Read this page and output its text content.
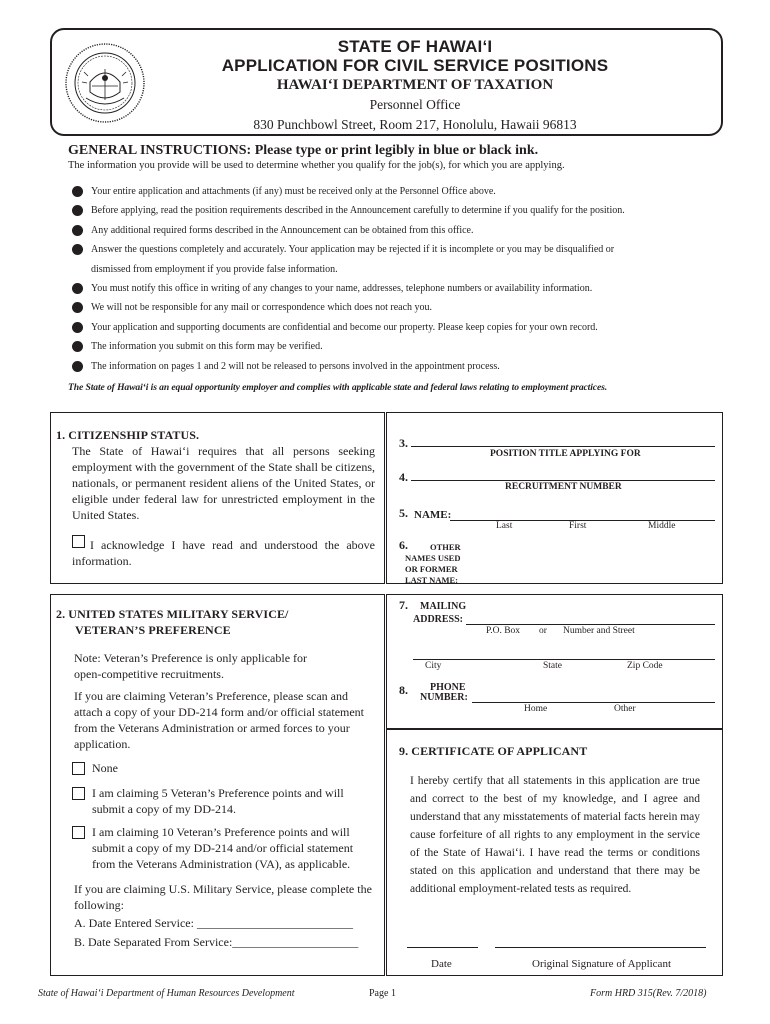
STATE OF HAWAI‘I
APPLICATION FOR CIVIL SERVICE POSITIONS
HAWAI‘I DEPARTMENT OF TAXATION
Personnel Office
830 Punchbowl Street, Room 217, Honolulu, Hawaii 96813
GENERAL INSTRUCTIONS: Please type or print legibly in blue or black ink.
The information you provide will be used to determine whether you qualify for the job(s), for which you are applying.
Your entire application and attachments (if any) must be received only at the Personnel Office above.
Before applying, read the position requirements described in the Announcement carefully to determine if you qualify for the position.
Any additional required forms described in the Announcement can be obtained from this office.
Answer the questions completely and accurately. Your application may be rejected if it is incomplete or you may be disqualified or
dismissed from employment if you provide false information.
You must notify this office in writing of any changes to your name, addresses, telephone numbers or availability information.
We will not be responsible for any mail or correspondence which does not reach you.
Your application and supporting documents are confidential and become our property. Please keep copies for your own record.
The information you submit on this form may be verified.
The information on pages 1 and 2 will not be released to persons involved in the appointment process.
The State of Hawai‘i is an equal opportunity employer and complies with applicable state and federal laws relating to employment practices.
1. CITIZENSHIP STATUS.
The State of Hawai‘i requires that all persons seeking employment with the government of the State shall be citizens, nationals, or permanent resident aliens of the United States, or eligible under federal law for unrestricted employment in the United States.
I acknowledge I have read and understood the above information.
2. UNITED STATES MILITARY SERVICE/
VETERAN’S PREFERENCE
Note: Veteran’s Preference is only applicable for open-competitive recruitments.
If you are claiming Veteran’s Preference, please scan and attach a copy of your DD-214 form and/or official statement from the Veterans Administration or armed forces to your application.
None
I am claiming 5 Veteran’s Preference points and will submit a copy of my DD-214.
I am claiming 10 Veteran’s Preference points and will submit a copy of my DD-214 and/or official statement from the Veterans Administration (VA), as applicable.
If you are claiming U.S. Military Service, please complete the following:
A. Date Entered Service: __________________________
B. Date Separated From Service:_____________________
3.
POSITION TITLE APPLYING FOR
4.
RECRUITMENT NUMBER
5. NAME:
Last	First	Middle
6.	OTHER
NAMES USED
OR FORMER
LAST NAME:
7. MAILING
ADDRESS:
P.O. Box or Number and Street
City	State	Zip Code
8. PHONE
NUMBER:
Home	Other
9. CERTIFICATE OF APPLICANT
I hereby certify that all statements in this application are true and correct to the best of my knowledge, and I agree and understand that any misstatements of material facts herein may cause forfeiture of all rights to any employment in the service of the State of Hawai‘i. I have read the terms or conditions stated on this application and understand that there may be additional employment-related tests as required.
Date	Original Signature of Applicant
State of Hawai‘i Department of Human Resources Development	Page 1	Form HRD 315(Rev. 7/2018)
